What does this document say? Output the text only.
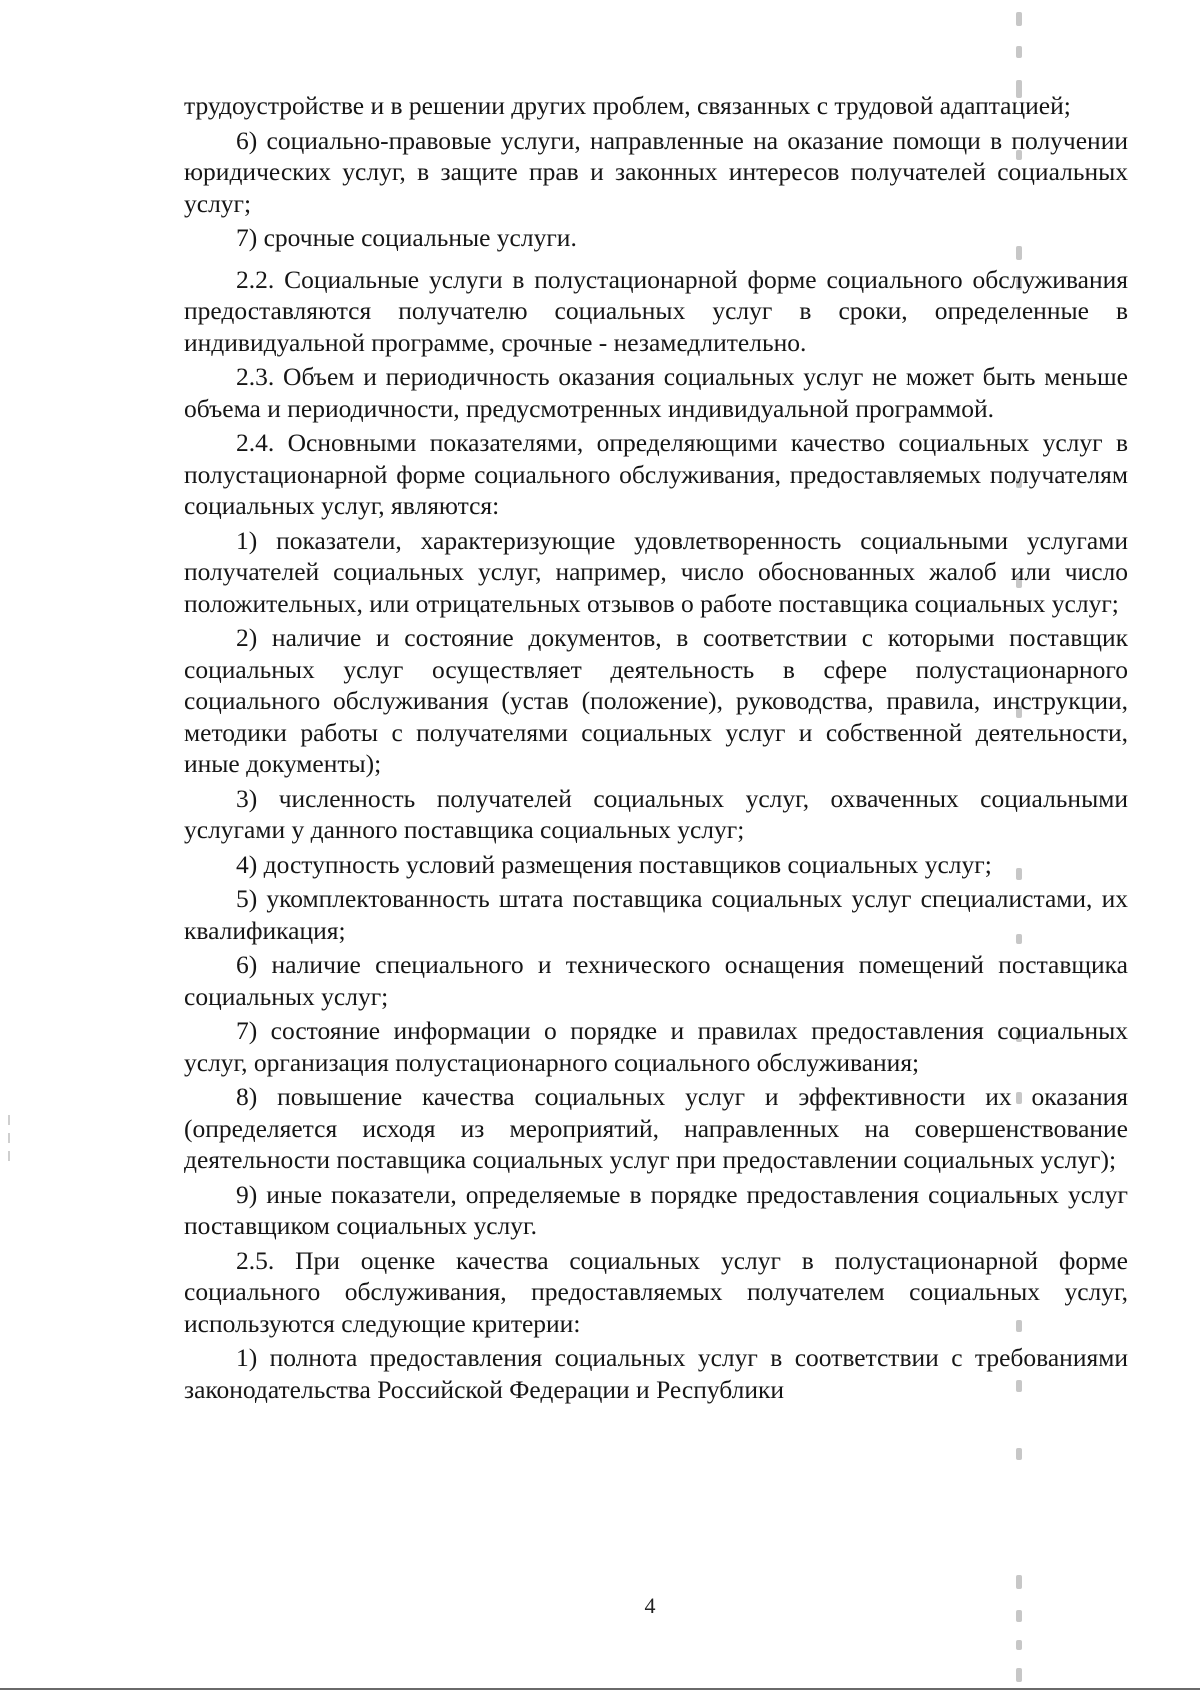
трудоустройстве и в решении других проблем, связанных с трудовой адаптацией;

6) социально-правовые услуги, направленные на оказание помощи в получении юридических услуг, в защите прав и законных интересов получателей социальных услуг;

7) срочные социальные услуги.

2.2. Социальные услуги в полустационарной форме социального обслуживания предоставляются получателю социальных услуг в сроки, определенные в индивидуальной программе, срочные - незамедлительно.

2.3. Объем и периодичность оказания социальных услуг не может быть меньше объема и периодичности, предусмотренных индивидуальной программой.

2.4. Основными показателями, определяющими качество социальных услуг в полустационарной форме социального обслуживания, предоставляемых получателям социальных услуг, являются:

1) показатели, характеризующие удовлетворенность социальными услугами получателей социальных услуг, например, число обоснованных жалоб или число положительных, или отрицательных отзывов о работе поставщика социальных услуг;

2) наличие и состояние документов, в соответствии с которыми поставщик социальных услуг осуществляет деятельность в сфере полустационарного социального обслуживания (устав (положение), руководства, правила, инструкции, методики работы с получателями социальных услуг и собственной деятельности, иные документы);

3) численность получателей социальных услуг, охваченных социальными услугами у данного поставщика социальных услуг;

4) доступность условий размещения поставщиков социальных услуг;

5) укомплектованность штата поставщика социальных услуг специалистами, их квалификация;

6) наличие специального и технического оснащения помещений поставщика социальных услуг;

7) состояние информации о порядке и правилах предоставления социальных услуг, организация полустационарного социального обслуживания;

8) повышение качества социальных услуг и эффективности их оказания (определяется исходя из мероприятий, направленных на совершенствование деятельности поставщика социальных услуг при предоставлении социальных услуг);

9) иные показатели, определяемые в порядке предоставления социальных услуг поставщиком социальных услуг.

2.5. При оценке качества социальных услуг в полустационарной форме социального обслуживания, предоставляемых получателем социальных услуг, используются следующие критерии:

1) полнота предоставления социальных услуг в соответствии с требованиями законодательства Российской Федерации и Республики

4
